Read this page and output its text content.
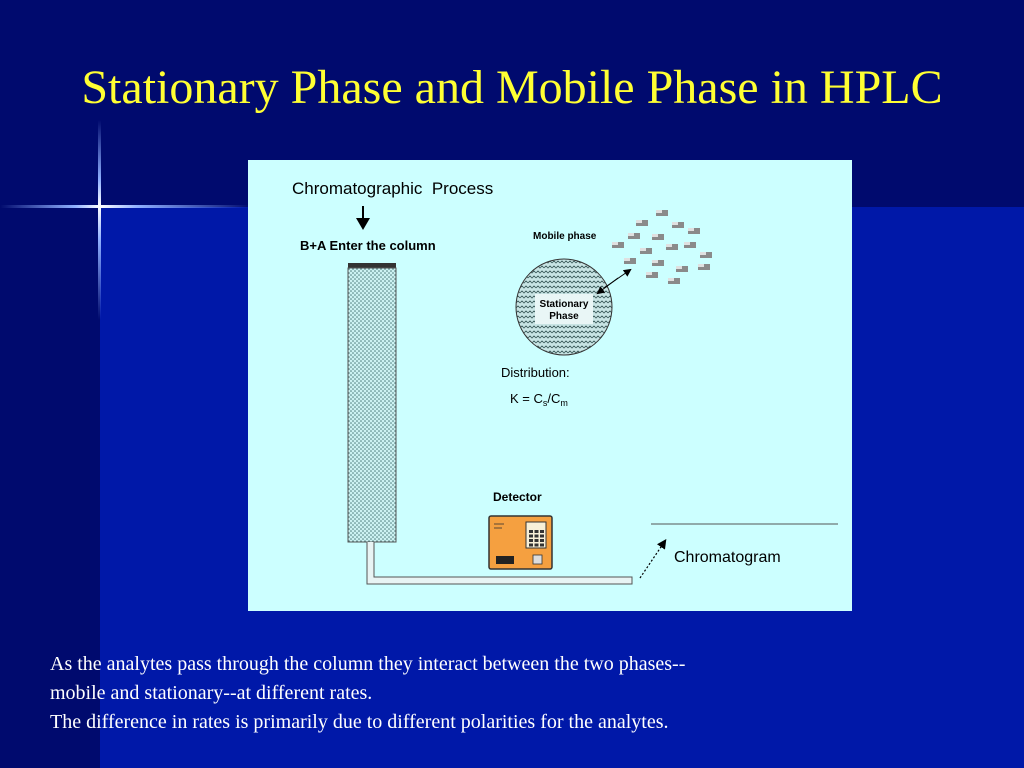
Stationary Phase and Mobile Phase in HPLC
Chromatographic  Process
B+A Enter the column
Stationary
Phase
Mobile phase
Distribution:
$K = C_s/C_m$
Detector
Chromatogram
As the analytes pass through the column they interact between the two phases--
mobile and stationary--at different rates.
The difference in rates is primarily due to different polarities for the analytes.
